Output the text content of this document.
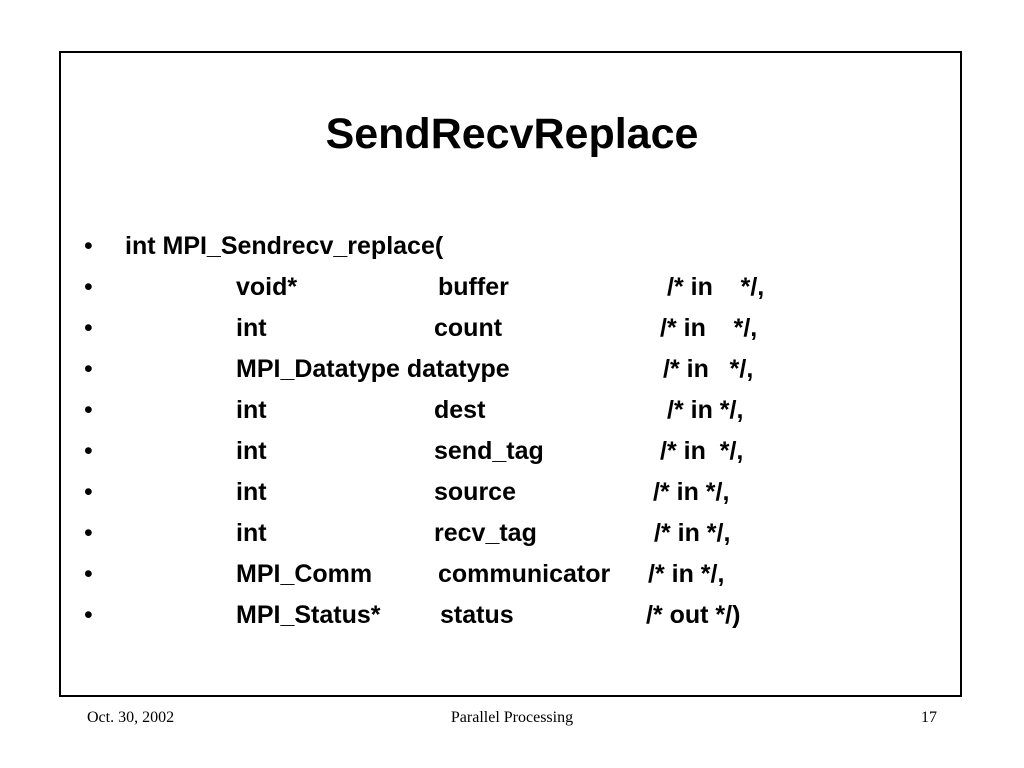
SendRecvReplace
• int MPI_Sendrecv_replace(
•	void*	buffer	/* in    */,
•	int	count	/* in    */,
•	MPI_Datatype datatype	/* in   */,
•	int	dest	/* in */,
•	int	send_tag	/* in  */,
•	int	source	/* in */,
•	int	recv_tag	/* in */,
•	MPI_Comm	communicator /* in */,
•	MPI_Status* status	/* out */)
Oct. 30, 2002	Parallel Processing	17
